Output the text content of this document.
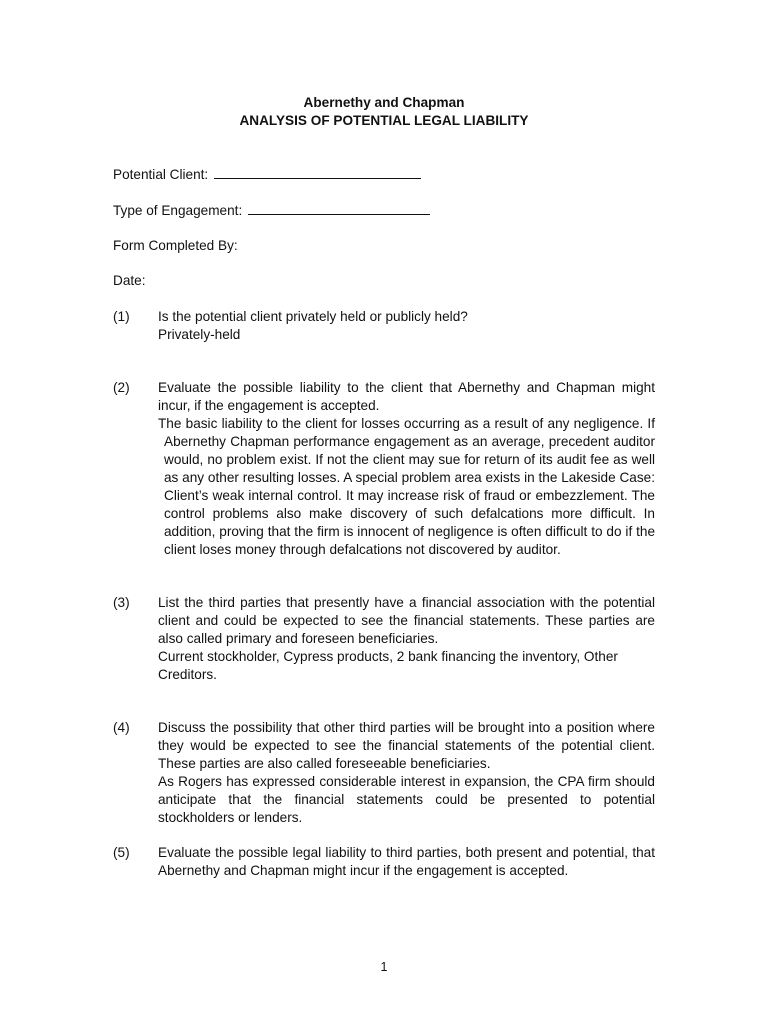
Abernethy and Chapman
ANALYSIS OF POTENTIAL LEGAL LIABILITY
Potential Client:
Type of Engagement:
Form Completed By:
Date:
(1)	Is the potential client privately held or publicly held?

Privately-held

(2)	Evaluate the possible liability to the client that Abernethy and Chapman might incur, if the engagement is accepted.

The basic liability to the client for losses occurring as a result of any negligence. If Abernethy Chapman performance engagement as an average, precedent auditor would, no problem exist. If not the client may sue for return of its audit fee as well as any other resulting losses. A special problem area exists in the Lakeside Case: Client’s weak internal control. It may increase risk of fraud or embezzlement. The control problems also make discovery of such defalcations more difficult. In addition, proving that the firm is innocent of negligence is often difficult to do if the client loses money through defalcations not discovered by auditor.

(3)	List the third parties that presently have a financial association with the potential client and could be expected to see the financial statements. These parties are also called primary and foreseen beneficiaries.

Current stockholder, Cypress products, 2 bank financing the inventory, Other Creditors.

(4)	Discuss the possibility that other third parties will be brought into a position where they would be expected to see the financial statements of the potential client. These parties are also called foreseeable beneficiaries.

As Rogers has expressed considerable interest in expansion, the CPA firm should anticipate that the financial statements could be presented to potential stockholders or lenders.

(5)	Evaluate the possible legal liability to third parties, both present and potential, that Abernethy and Chapman might incur if the engagement is accepted.

1
